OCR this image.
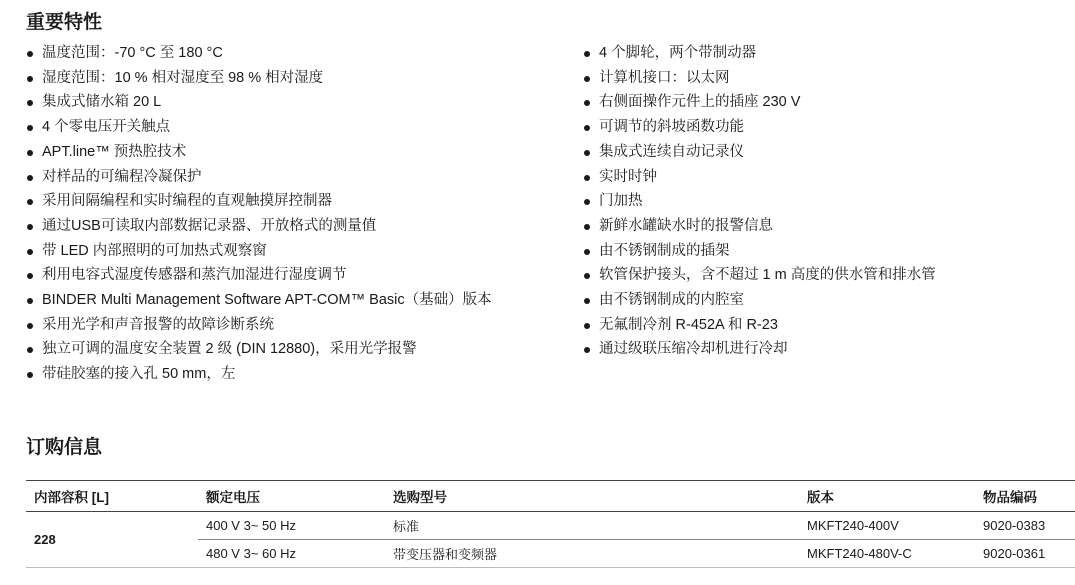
重要特性
温度范围：-70 °C 至 180 °C
湿度范围：10 % 相对湿度至 98 % 相对湿度
集成式储水箱 20 L
4 个零电压开关触点
APT.line™ 预热腔技术
对样品的可编程冷凝保护
采用间隔编程和实时编程的直观触摸屏控制器
通过USB可读取内部数据记录器、开放格式的测量值
带 LED 内部照明的可加热式观察窗
利用电容式湿度传感器和蒸汽加湿进行湿度调节
BINDER Multi Management Software APT-COM™ Basic（基础）版本
采用光学和声音报警的故障诊断系统
独立可调的温度安全装置 2 级 (DIN 12880)，采用光学报警
带硅胶塞的接入孔 50 mm，左
4 个脚轮，两个带制动器
计算机接口：以太网
右侧面操作元件上的插座 230 V
可调节的斜坡函数功能
集成式连续自动记录仪
实时时钟
门加热
新鲜水罐缺水时的报警信息
由不锈钢制成的插架
软管保护接头，含不超过 1 m 高度的供水管和排水管
由不锈钢制成的内腔室
无氟制冷剂 R-452A 和 R-23
通过级联压缩冷却机进行冷却
订购信息
内部容积 [L]	额定电压	选购型号	版本	物品编码
228	400 V 3~ 50 Hz	标准	MKFT240-400V	9020-0383
	480 V 3~ 60 Hz	带变压器和变频器	MKFT240-480V-C	9020-0361
